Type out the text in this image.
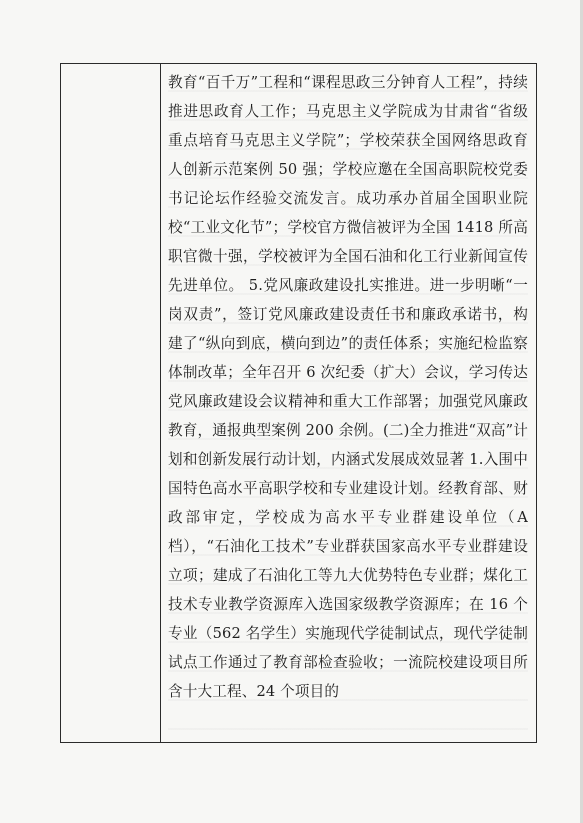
教育“百千万”工程和“课程思政三分钟育人工程”，持续推进思政育人工作；马克思主义学院成为甘肃省“省级重点培育马克思主义学院”；学校荣获全国网络思政育人创新示范案例 50 强；学校应邀在全国高职院校党委书记论坛作经验交流发言。成功承办首届全国职业院校“工业文化节”；学校官方微信被评为全国 1418 所高职官微十强，学校被评为全国石油和化工行业新闻宣传先进单位。 5.党风廉政建设扎实推进。进一步明晰“一岗双责”，签订党风廉政建设责任书和廉政承诺书，构建了“纵向到底，横向到边”的责任体系；实施纪检监察体制改革；全年召开 6 次纪委（扩大）会议，学习传达党风廉政建设会议精神和重大工作部署；加强党风廉政教育，通报典型案例 200 余例。(二)全力推进“双高”计划和创新发展行动计划，内涵式发展成效显著 1.入围中国特色高水平高职学校和专业建设计划。经教育部、财政部审定，学校成为高水平专业群建设单位（A 档），“石油化工技术”专业群获国家高水平专业群建设立项；建成了石油化工等九大优势特色专业群；煤化工技术专业教学资源库入选国家级教学资源库；在 16 个专业（562 名学生）实施现代学徒制试点，现代学徒制试点工作通过了教育部检查验收；一流院校建设项目所含十大工程、24 个项目的
